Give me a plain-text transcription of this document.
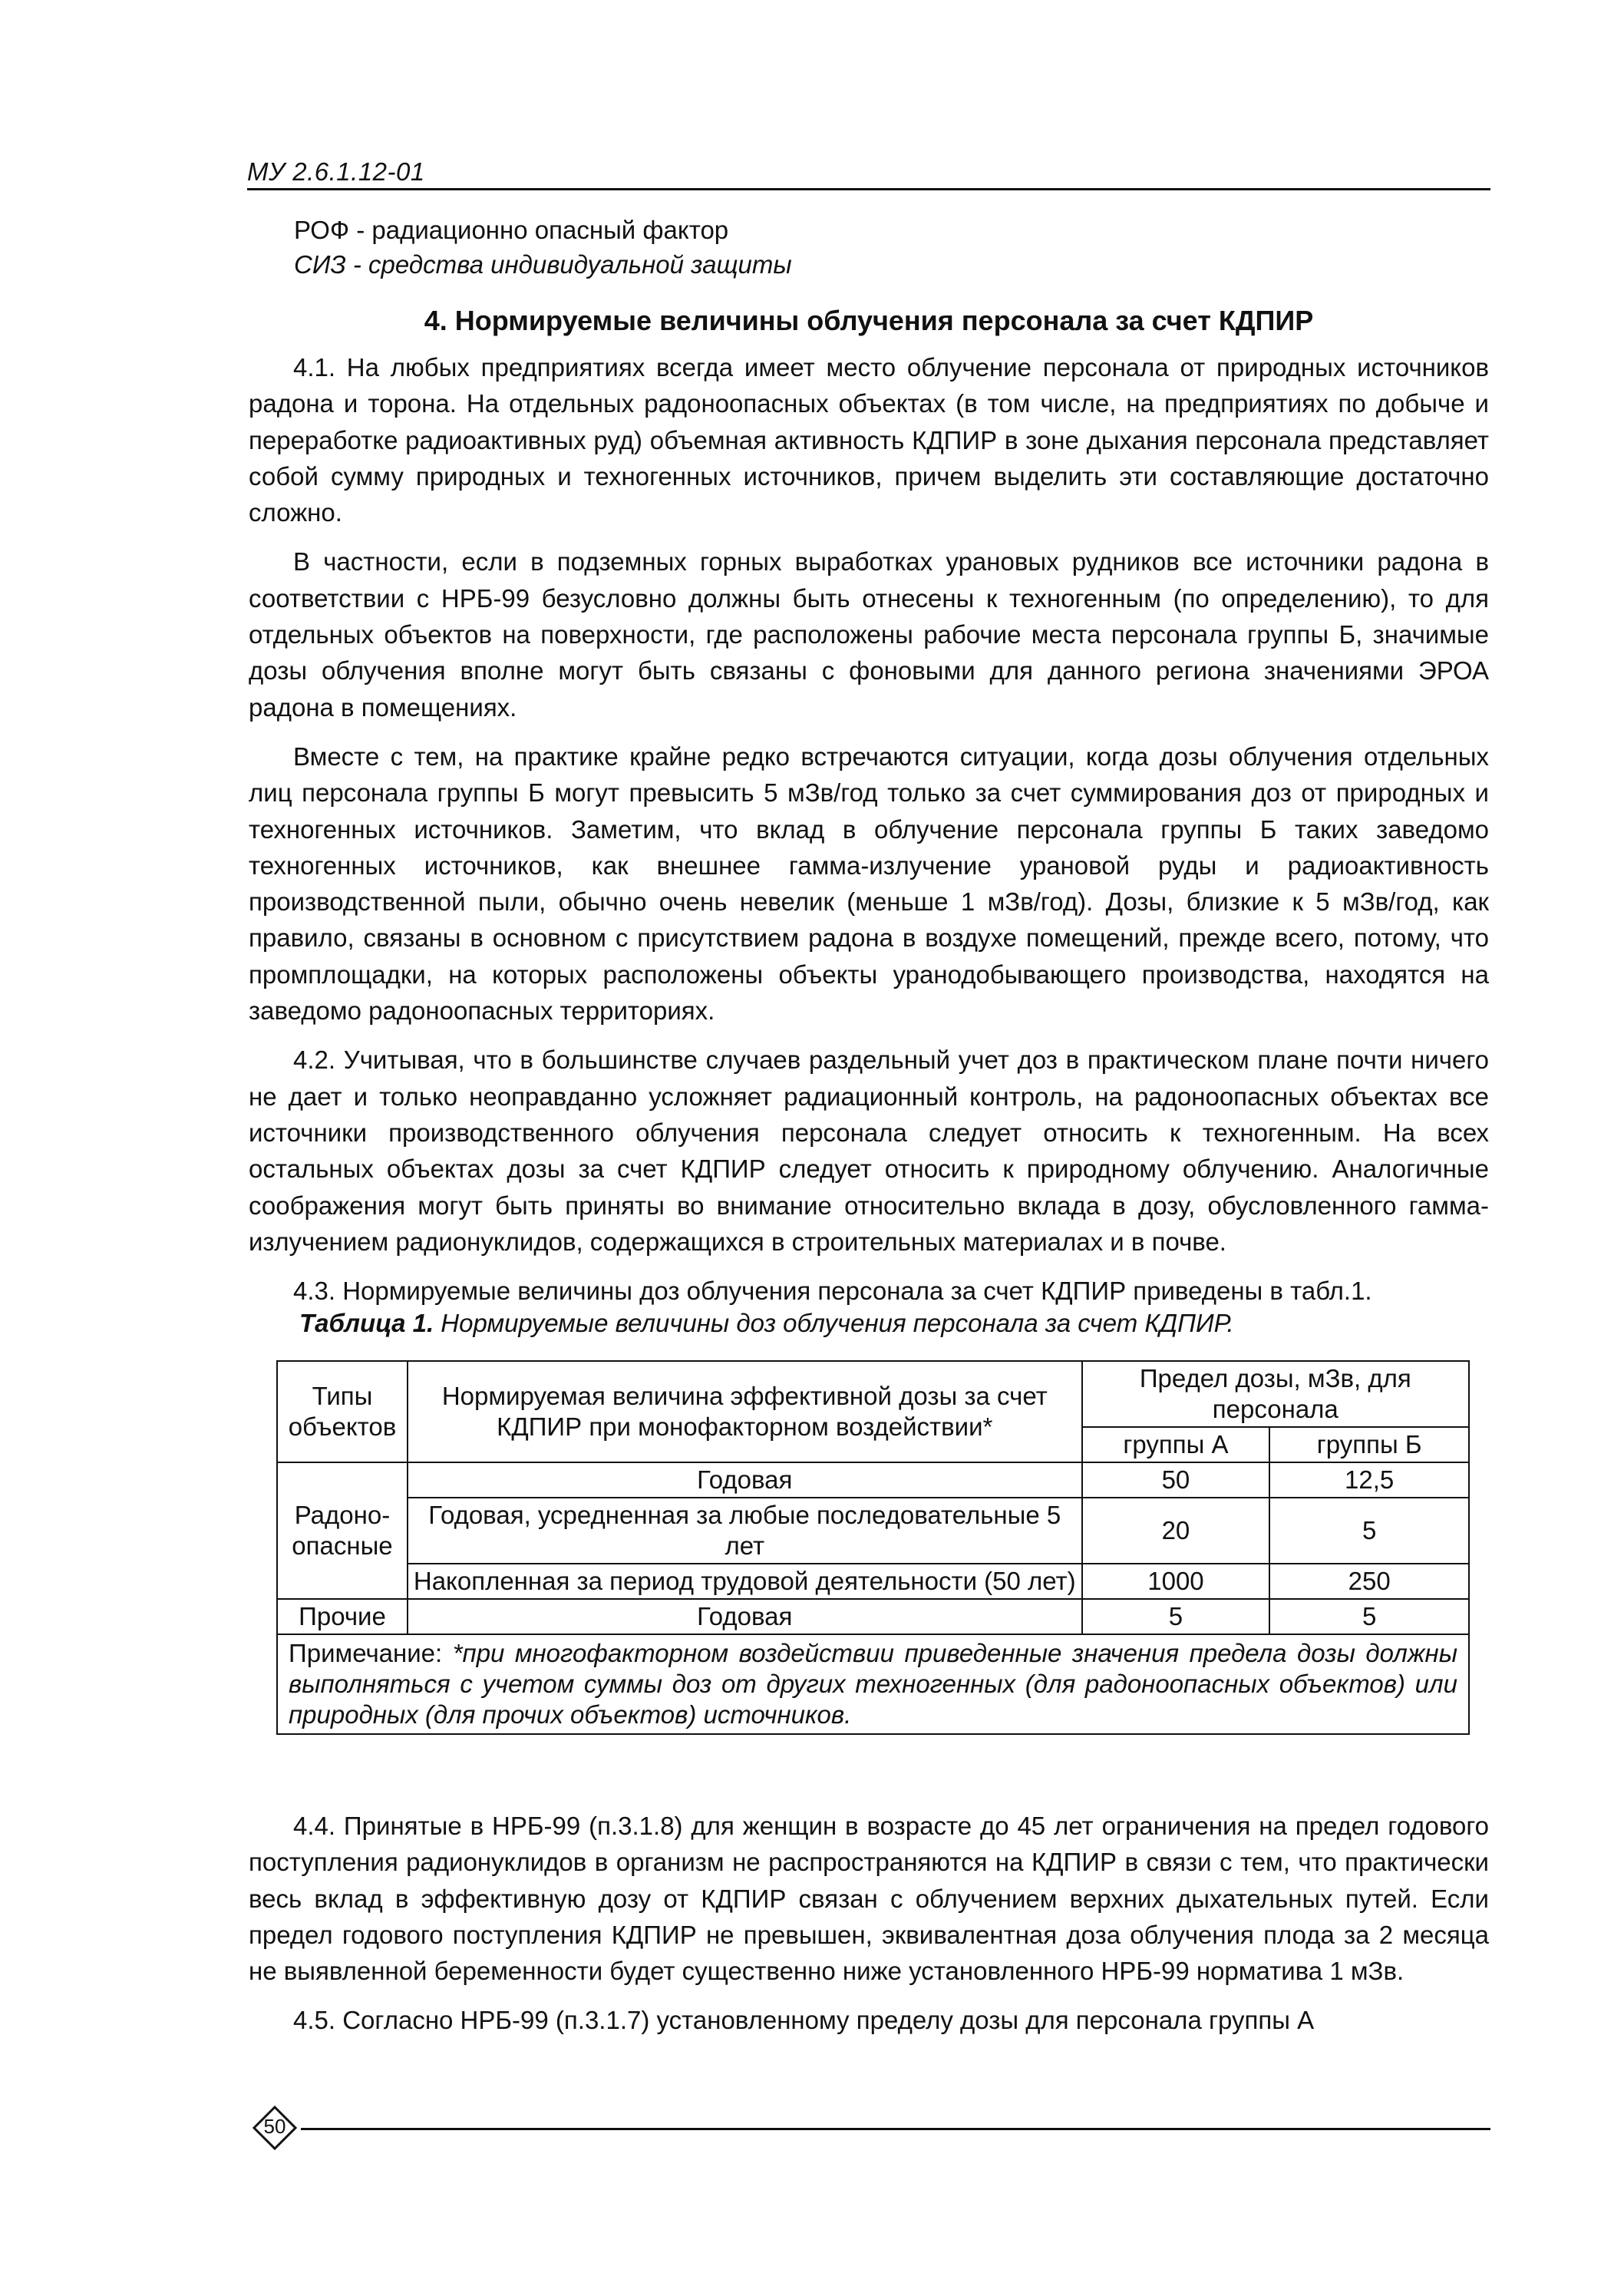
МУ 2.6.1.12-01
РОФ - радиационно опасный фактор
СИЗ - средства индивидуальной защиты
4. Нормируемые величины облучения персонала за счет КДПИР

4.1. На любых предприятиях всегда имеет место облучение персонала от природных источников радона и торона. На отдельных радоноопасных объектах (в том числе, на предприятиях по добыче и переработке радиоактивных руд) объемная активность КДПИР в зоне дыхания персонала представляет собой сумму природных и техногенных источников, причем выделить эти составляющие достаточно сложно.

В частности, если в подземных горных выработках урановых рудников все источники радона в соответствии с НРБ-99 безусловно должны быть отнесены к техногенным (по определению), то для отдельных объектов на поверхности, где расположены рабочие места персонала группы Б, значимые дозы облучения вполне могут быть связаны с фоновыми для данного региона значениями ЭРОА радона в помещениях.

Вместе с тем, на практике крайне редко встречаются ситуации, когда дозы облучения отдельных лиц персонала группы Б могут превысить 5 мЗв/год только за счет суммирования доз от природных и техногенных источников. Заметим, что вклад в облучение персонала группы Б таких заведомо техногенных источников, как внешнее гамма-излучение урановой руды и радиоактивность производственной пыли, обычно очень невелик (меньше 1 мЗв/год). Дозы, близкие к 5 мЗв/год, как правило, связаны в основном с присутствием радона в воздухе помещений, прежде всего, потому, что промплощадки, на которых расположены объекты уранодобывающего производства, находятся на заведомо радоноопасных территориях.

4.2. Учитывая, что в большинстве случаев раздельный учет доз в практическом плане почти ничего не дает и только неоправданно усложняет радиационный контроль, на радоноопасных объектах все источники производственного облучения персонала следует относить к техногенным. На всех остальных объектах дозы за счет КДПИР следует относить к природному облучению. Аналогичные соображения могут быть приняты во внимание относительно вклада в дозу, обусловленного гамма-излучением радионуклидов, содержащихся в строительных материалах и в почве.

4.3. Нормируемые величины доз облучения персонала за счет КДПИР приведены в табл.1.

Таблица 1. Нормируемые величины доз облучения персонала за счет КДПИР.
Типы объектов	Нормируемая величина эффективной дозы за счет КДПИР при монофакторном воздействии*	Предел дозы, мЗв, для персонала	
		группы А	группы Б
Радоно-опасные	Годовая	50	12,5
	Годовая, усредненная за любые последовательные 5 лет	20	5
	Накопленная за период трудовой деятельности (50 лет)	1000	250
Прочие	Годовая	5	5
Примечание: *при многофакторном воздействии приведенные значения предела дозы должны выполняться с учетом суммы доз от других техногенных (для радоноопасных объектов) или природных (для прочих объектов) источников.			

4.4. Принятые в НРБ-99 (п.3.1.8) для женщин в возрасте до 45 лет ограничения на предел годового поступления радионуклидов в организм не распространяются на КДПИР в связи с тем, что практически весь вклад в эффективную дозу от КДПИР связан с облучением верхних дыхательных путей. Если предел годового поступления КДПИР не превышен, эквивалентная доза облучения плода за 2 месяца не выявленной беременности будет существенно ниже установленного НРБ-99 норматива 1 мЗв.

4.5. Согласно НРБ-99 (п.3.1.7) установленному пределу дозы для персонала группы А

50
